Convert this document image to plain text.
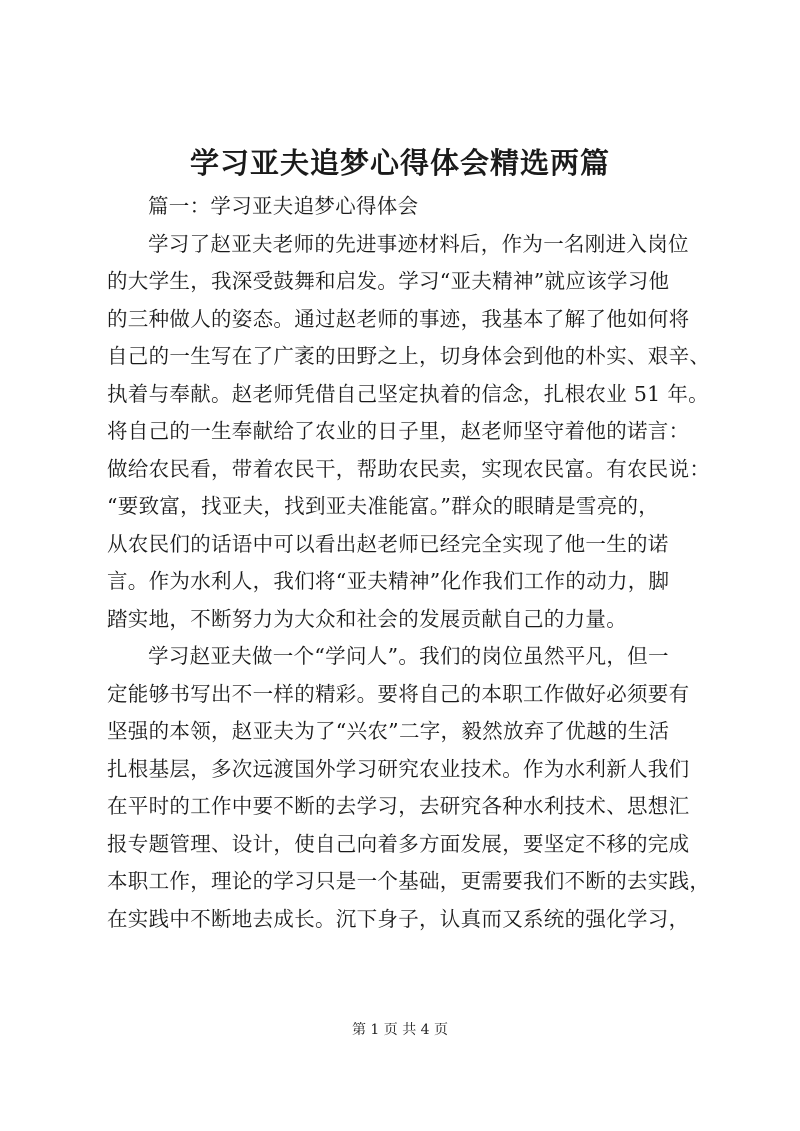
学习亚夫追梦心得体会精选两篇

篇一：学习亚夫追梦心得体会

学习了赵亚夫老师的先进事迹材料后，作为一名刚进入岗位
的大学生，我深受鼓舞和启发。学习“亚夫精神”就应该学习他
的三种做人的姿态。通过赵老师的事迹，我基本了解了他如何将
自己的一生写在了广袤的田野之上，切身体会到他的朴实、艰辛、
执着与奉献。赵老师凭借自己坚定执着的信念，扎根农业 51 年。
将自己的一生奉献给了农业的日子里，赵老师坚守着他的诺言：
做给农民看，带着农民干，帮助农民卖，实现农民富。有农民说：
“要致富，找亚夫，找到亚夫准能富。”群众的眼睛是雪亮的，
从农民们的话语中可以看出赵老师已经完全实现了他一生的诺
言。作为水利人，我们将“亚夫精神”化作我们工作的动力，脚
踏实地，不断努力为大众和社会的发展贡献自己的力量。

学习赵亚夫做一个“学问人”。我们的岗位虽然平凡，但一
定能够书写出不一样的精彩。要将自己的本职工作做好必须要有
坚强的本领，赵亚夫为了“兴农”二字，毅然放弃了优越的生活
扎根基层，多次远渡国外学习研究农业技术。作为水利新人我们
在平时的工作中要不断的去学习，去研究各种水利技术、思想汇
报专题管理、设计，使自己向着多方面发展，要坚定不移的完成
本职工作，理论的学习只是一个基础，更需要我们不断的去实践，
在实践中不断地去成长。沉下身子，认真而又系统的强化学习，

第 1 页 共 4 页
